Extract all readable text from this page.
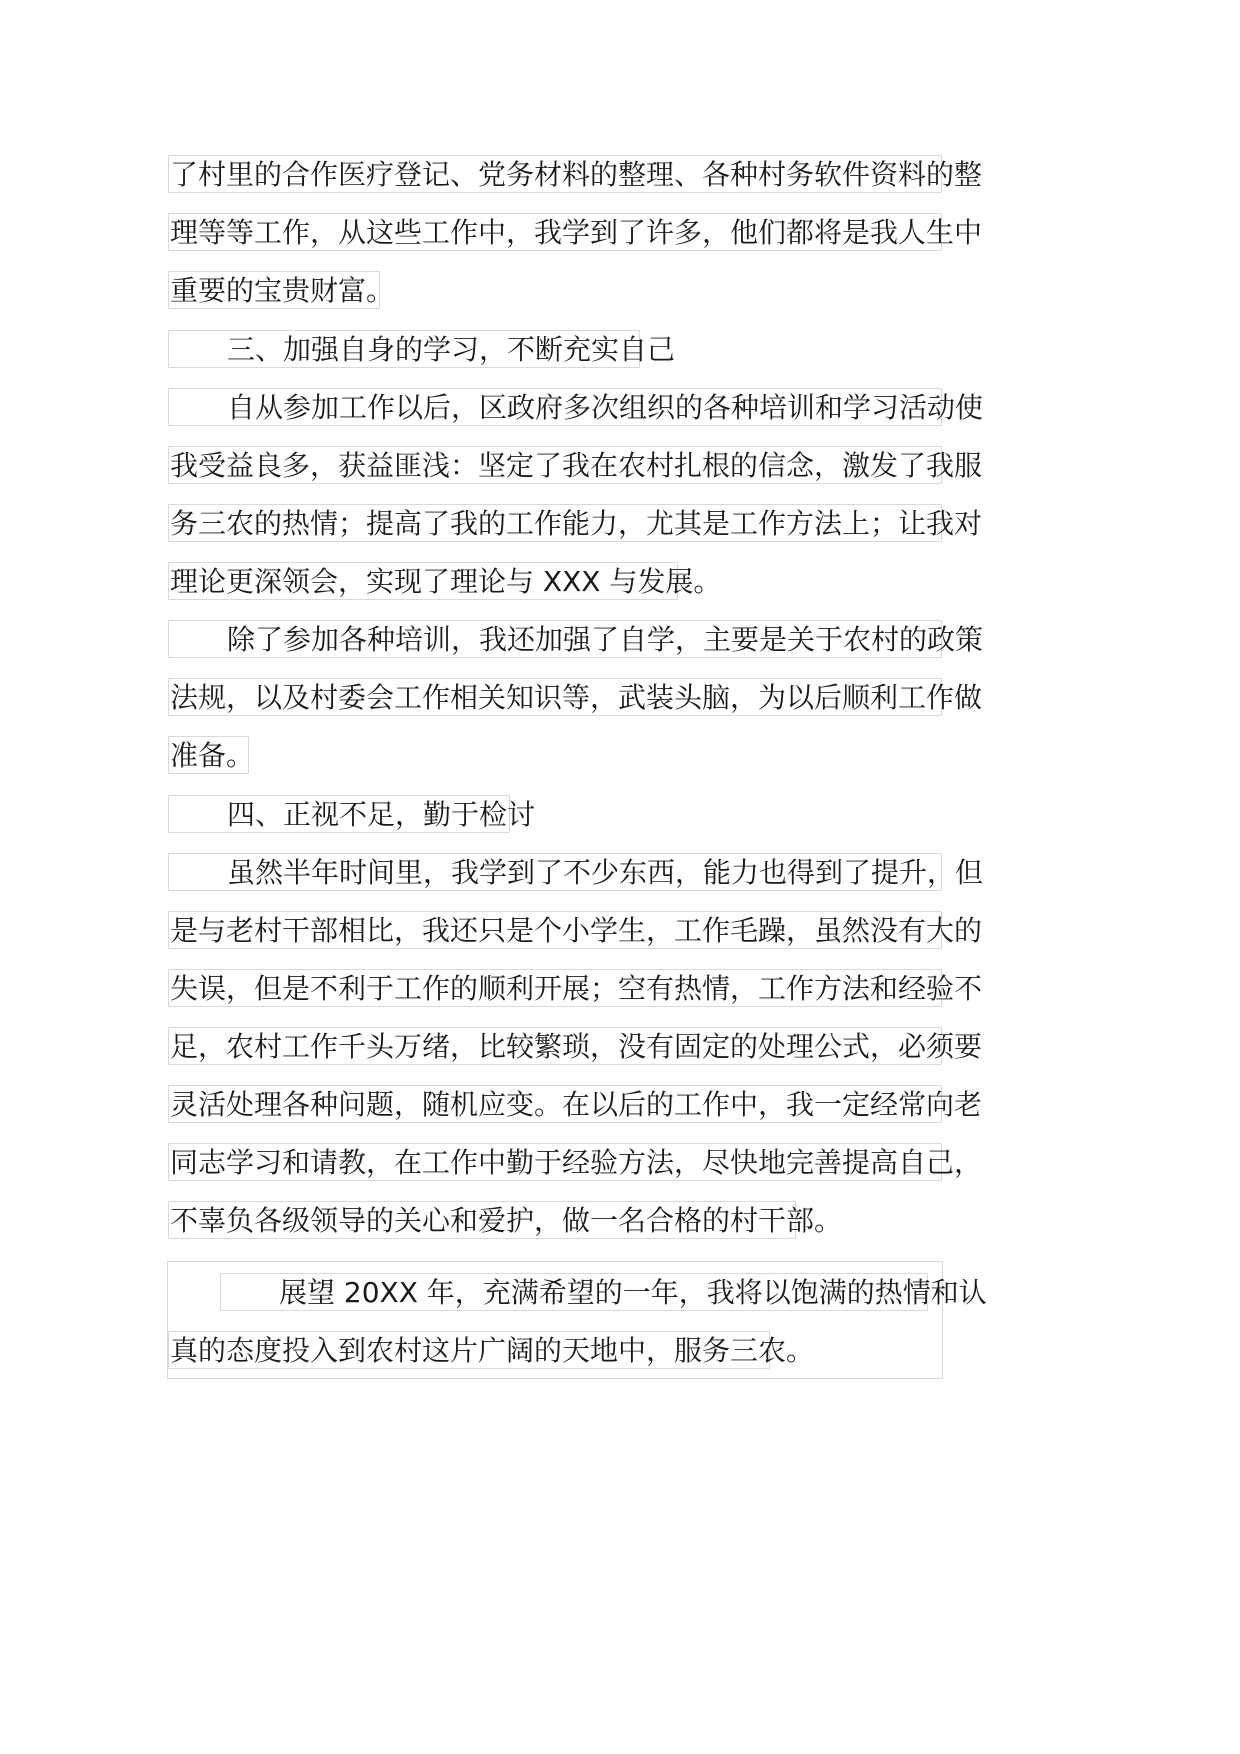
了村里的合作医疗登记、党务材料的整理、各种村务软件资料的整
理等等工作，从这些工作中，我学到了许多，他们都将是我人生中
重要的宝贵财富。
三、加强自身的学习，不断充实自己
自从参加工作以后，区政府多次组织的各种培训和学习活动使
我受益良多，获益匪浅：坚定了我在农村扎根的信念，激发了我服
务三农的热情；提高了我的工作能力，尤其是工作方法上；让我对
理论更深领会，实现了理论与 XXX 与发展。
除了参加各种培训，我还加强了自学，主要是关于农村的政策
法规，以及村委会工作相关知识等，武装头脑，为以后顺利工作做
准备。
四、正视不足，勤于检讨
虽然半年时间里，我学到了不少东西，能力也得到了提升，但
是与老村干部相比，我还只是个小学生，工作毛躁，虽然没有大的
失误，但是不利于工作的顺利开展；空有热情，工作方法和经验不
足，农村工作千头万绪，比较繁琐，没有固定的处理公式，必须要
灵活处理各种问题，随机应变。在以后的工作中，我一定经常向老
同志学习和请教，在工作中勤于经验方法，尽快地完善提高自己，
不辜负各级领导的关心和爱护，做一名合格的村干部。
展望 20XX 年，充满希望的一年，我将以饱满的热情和认
真的态度投入到农村这片广阔的天地中，服务三农。
